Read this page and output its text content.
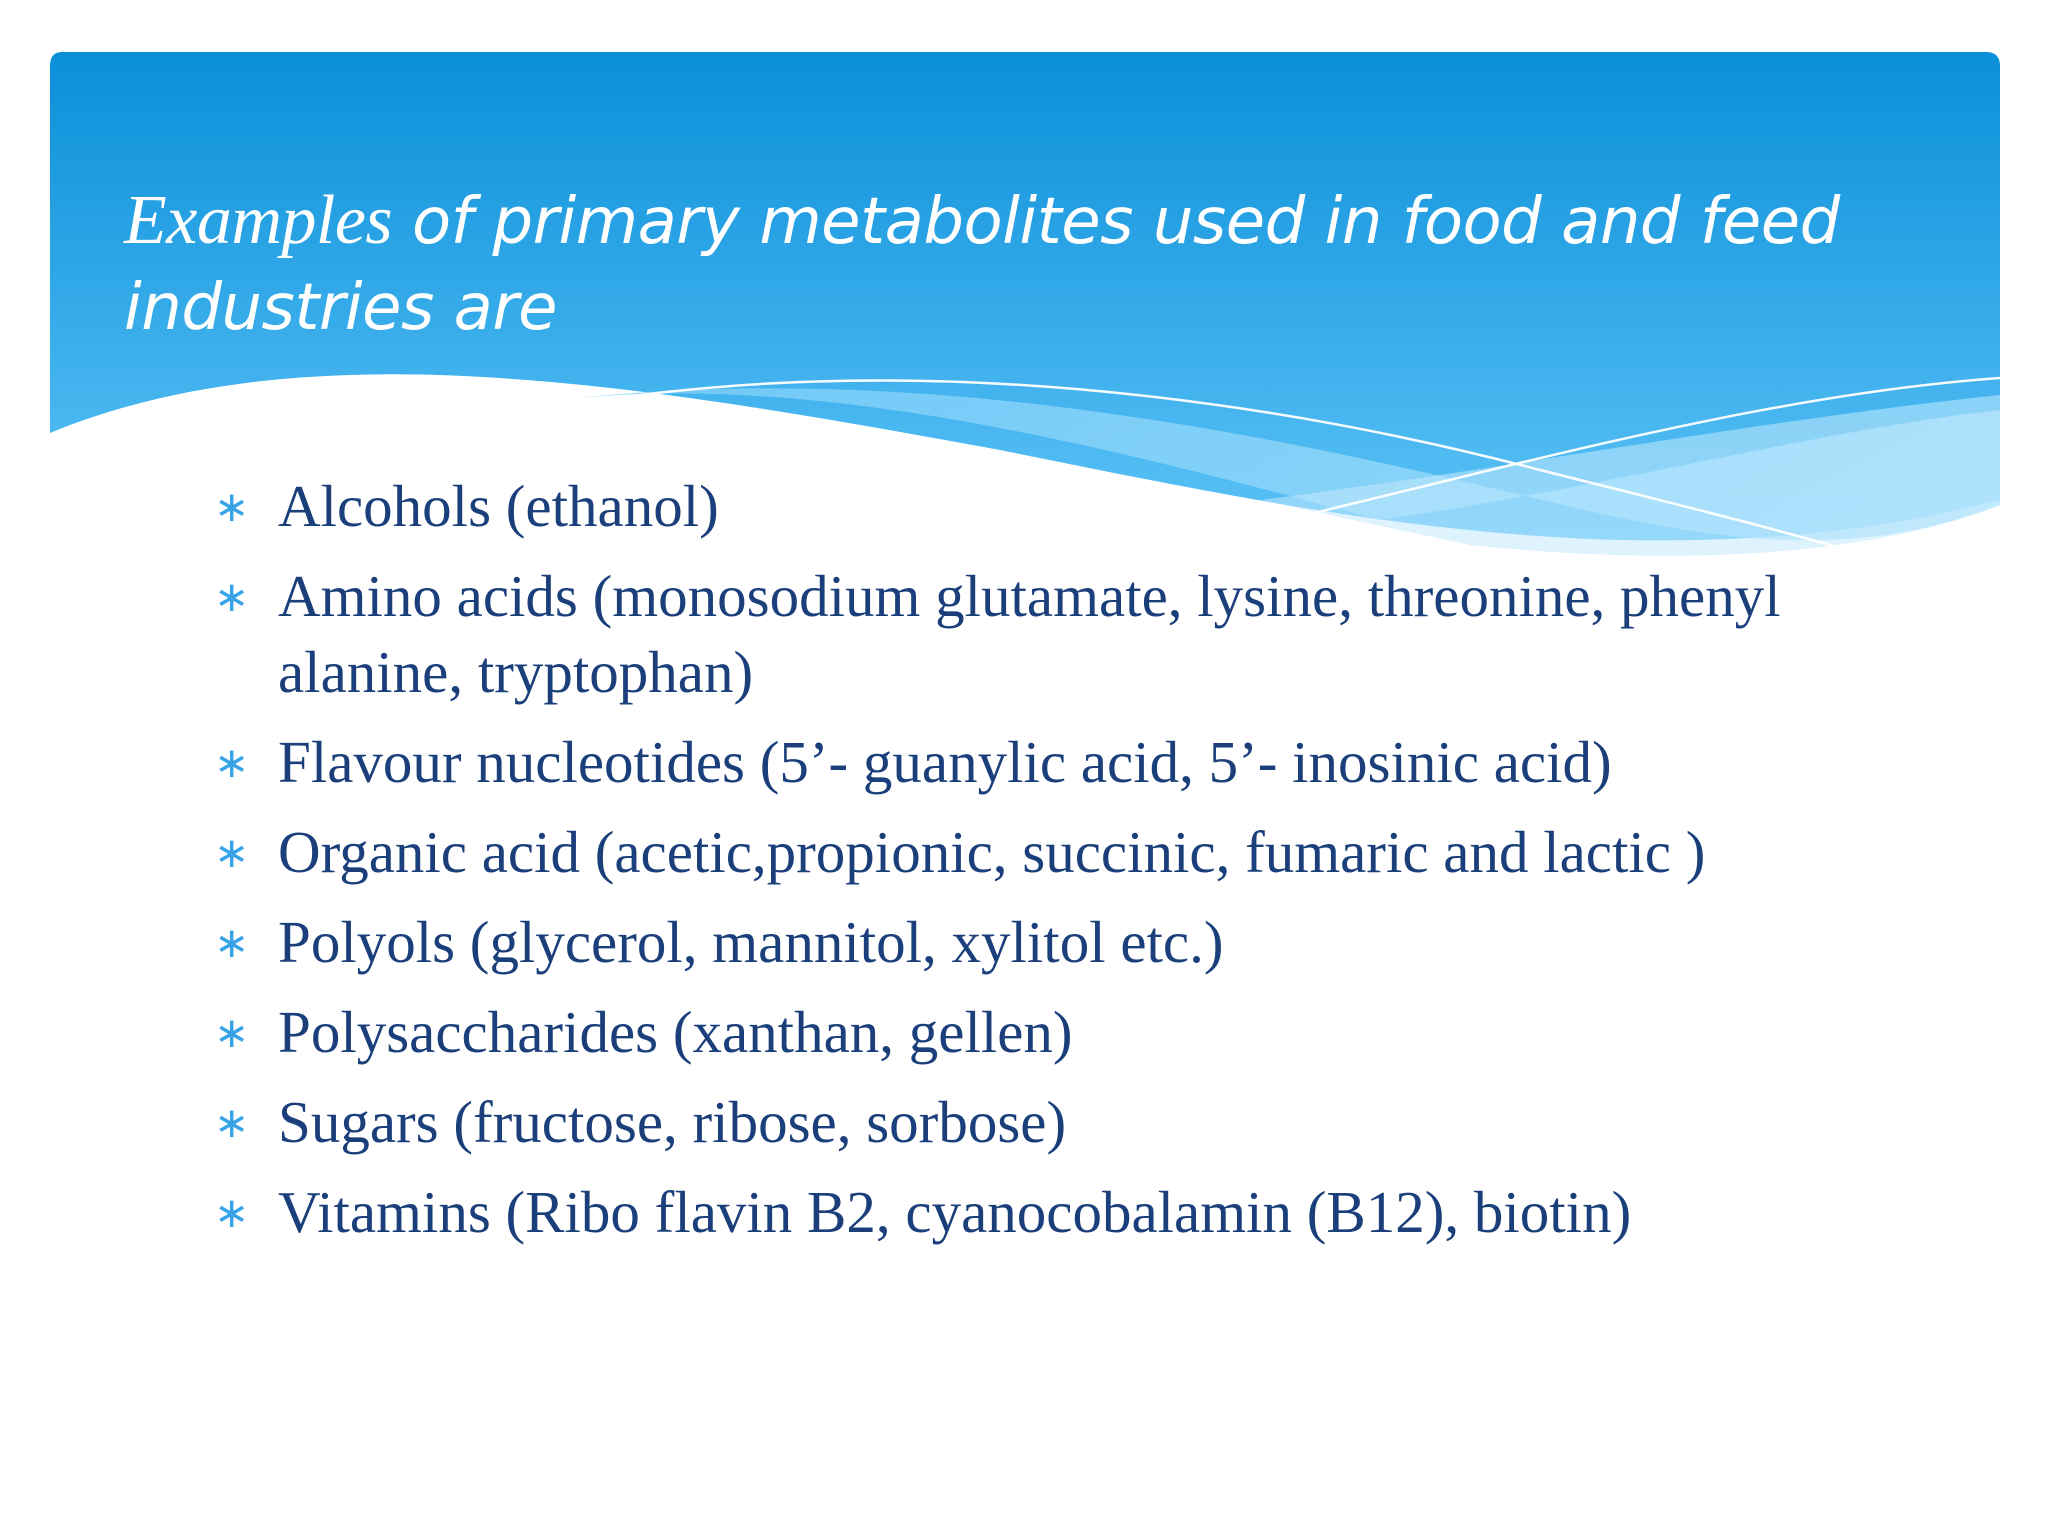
Examples of primary metabolites used in food and feed industries are
∗ Alcohols (ethanol)
∗ Amino acids (monosodium glutamate, lysine, threonine, phenyl alanine, tryptophan)
∗ Flavour nucleotides (5’- guanylic acid, 5’- inosinic acid)
∗ Organic acid (acetic,propionic, succinic, fumaric and lactic )
∗ Polyols (glycerol, mannitol, xylitol etc.)
∗ Polysaccharides (xanthan, gellen)
∗ Sugars (fructose, ribose, sorbose)
∗ Vitamins (Ribo flavin B2, cyanocobalamin (B12), biotin)
